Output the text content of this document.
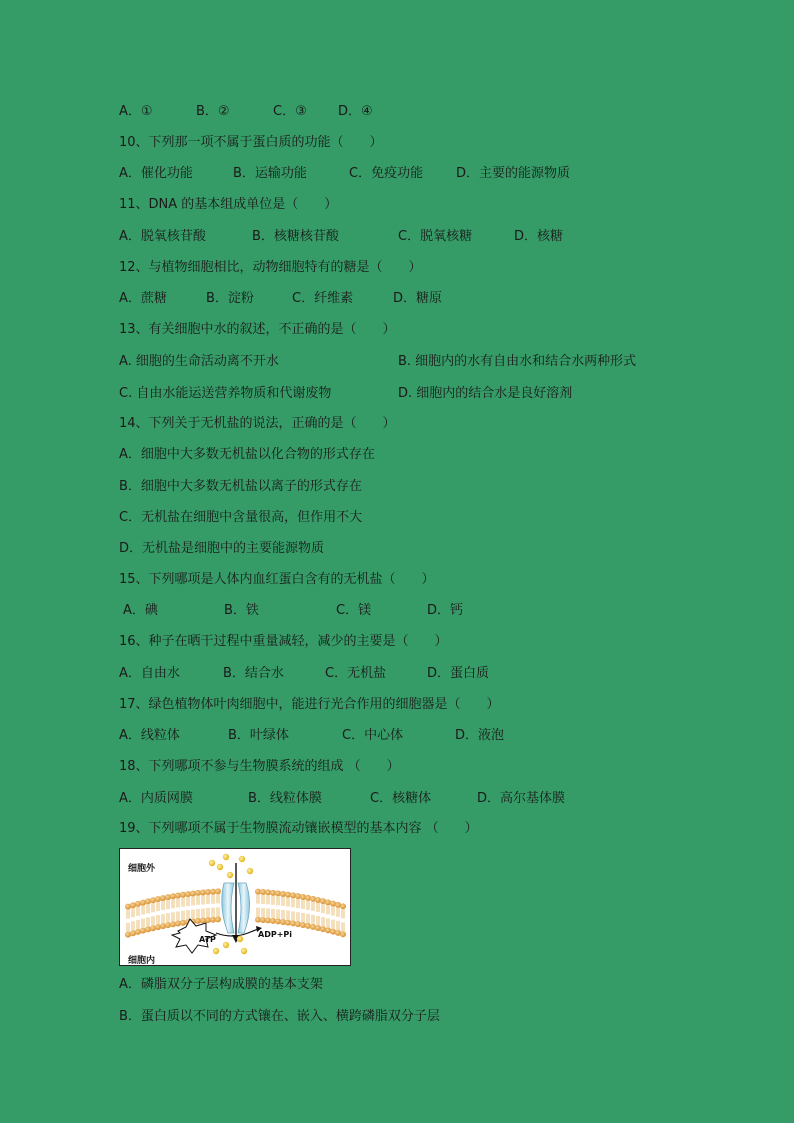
A．①	B．②	C．③ D．④
10、下列那一项不属于蛋白质的功能（　　）
A．催化功能	B．运输功能	C．免疫功能	D．主要的能源物质
11、DNA 的基本组成单位是（　　）
A．脱氧核苷酸	B．核糖核苷酸	C．脱氧核糖	D．核糖
12、与植物细胞相比，动物细胞特有的糖是（　　）
A．蔗糖	B．淀粉	C．纤维素	D．糖原
13、有关细胞中水的叙述，不正确的是（　　）
A. 细胞的生命活动离不开水	B. 细胞内的水有自由水和结合水两种形式
C. 自由水能运送营养物质和代谢废物	D. 细胞内的结合水是良好溶剂
14、下列关于无机盐的说法，正确的是（　　）
A．细胞中大多数无机盐以化合物的形式存在
B．细胞中大多数无机盐以离子的形式存在
C．无机盐在细胞中含量很高，但作用不大
D．无机盐是细胞中的主要能源物质
15、下列哪项是人体内血红蛋白含有的无机盐（　　）
A．碘	B．铁	C．镁	D．钙
16、种子在晒干过程中重量减轻，减少的主要是（　　）
A．自由水	B．结合水	C．无机盐	D．蛋白质
17、绿色植物体叶肉细胞中，能进行光合作用的细胞器是（　　）
A．线粒体	B．叶绿体	C．中心体	D．液泡
18、下列哪项不参与生物膜系统的组成 （　　）
A．内质网膜	B．线粒体膜	C．核糖体	D．高尔基体膜
19、下列哪项不属于生物膜流动镶嵌模型的基本内容 （　　）
细胞外
细胞内
ATP
ADP+Pi
A．磷脂双分子层构成膜的基本支架
B．蛋白质以不同的方式镶在、嵌入、横跨磷脂双分子层
